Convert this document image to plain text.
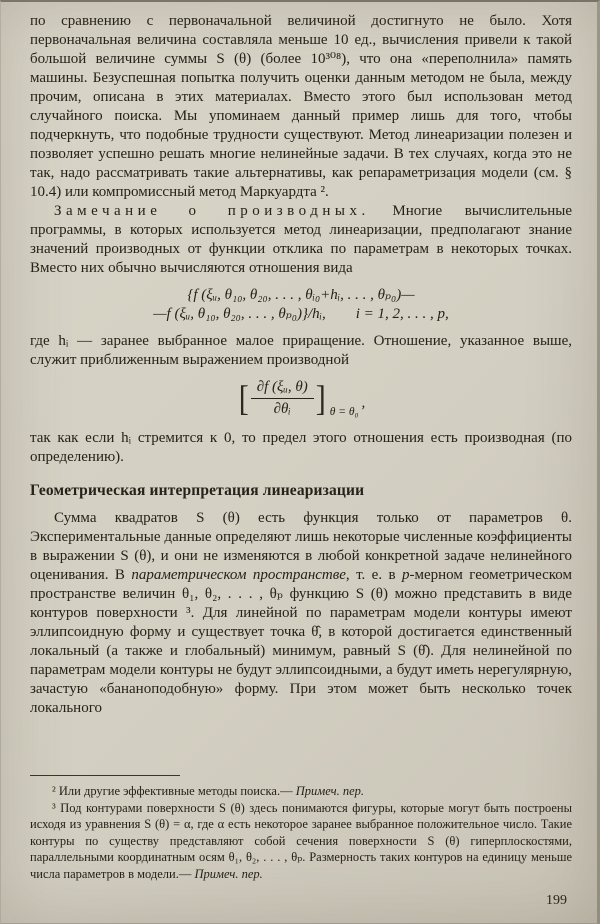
по сравнению с первоначальной величиной достигнуто не было. Хотя первоначальная величина составляла меньше 10 ед., вычисления привели к такой большой величине суммы S (θ) (более 10³⁰⁸), что она «переполнила» память машины. Безуспешная попытка получить оценки данным методом не была, между прочим, описана в этих материалах. Вместо этого был использован метод случайного поиска. Мы упоминаем данный пример лишь для того, чтобы подчеркнуть, что подобные трудности существуют. Метод линеаризации полезен и позволяет успешно решать многие нелинейные задачи. В тех случаях, когда это не так, надо рассматривать такие альтернативы, как репараметризация модели (см. § 10.4) или компромиссный метод Маркуардта ².

Замечание о производных. Многие вычислительные программы, в которых используется метод линеаризации, предполагают знание значений производных от функции отклика по параметрам в некоторых точках. Вместо них обычно вычисляются отношения вида

{f (ξᵤ, θ₁₀, θ₂₀, . . . , θᵢ₀+hᵢ, . . . , θₚ₀)—
—f (ξᵤ, θ₁₀, θ₂₀, . . . , θₚ₀)}/hᵢ, i = 1, 2, . . . , p,

где hᵢ — заранее выбранное малое приращение. Отношение, указанное выше, служит приближенным выражением производной

[ $\frac{\text{∂f (ξᵤ, θ)}}{\text{∂θᵢ}}$ ] θ = θ₀
,

так как если hᵢ стремится к 0, то предел этого отношения есть производная (по определению).

Геометрическая интерпретация линеаризации

Сумма квадратов S (θ) есть функция только от параметров θ. Экспериментальные данные определяют лишь некоторые численные коэффициенты в выражении S (θ), и они не изменяются в любой конкретной задаче нелинейного оценивания. В параметрическом пространстве, т. е. в p-мерном геометрическом пространстве величин θ₁, θ₂, . . . , θₚ функцию S (θ) можно представить в виде контуров поверхности ³. Для линейной по параметрам модели контуры имеют эллипсоидную форму и существует точка θ̂, в которой достигается единственный локальный (а также и глобальный) минимум, равный S (θ̂). Для нелинейной по параметрам модели контуры не будут эллипсоидными, а будут иметь нерегулярную, зачастую «бананоподобную» форму. При этом может быть несколько точек локального

² Или другие эффективные методы поиска.— Примеч. пер.

³ Под контурами поверхности S (θ) здесь понимаются фигуры, которые могут быть построены исходя из уравнения S (θ) = α, где α есть некоторое заранее выбранное положительное число. Такие контуры по существу представляют собой сечения поверхности S (θ) гиперплоскостями, параллельными координатным осям θ₁, θ₂, . . . , θₚ. Размерность таких контуров на единицу меньше числа параметров в модели.— Примеч. пер.

199
